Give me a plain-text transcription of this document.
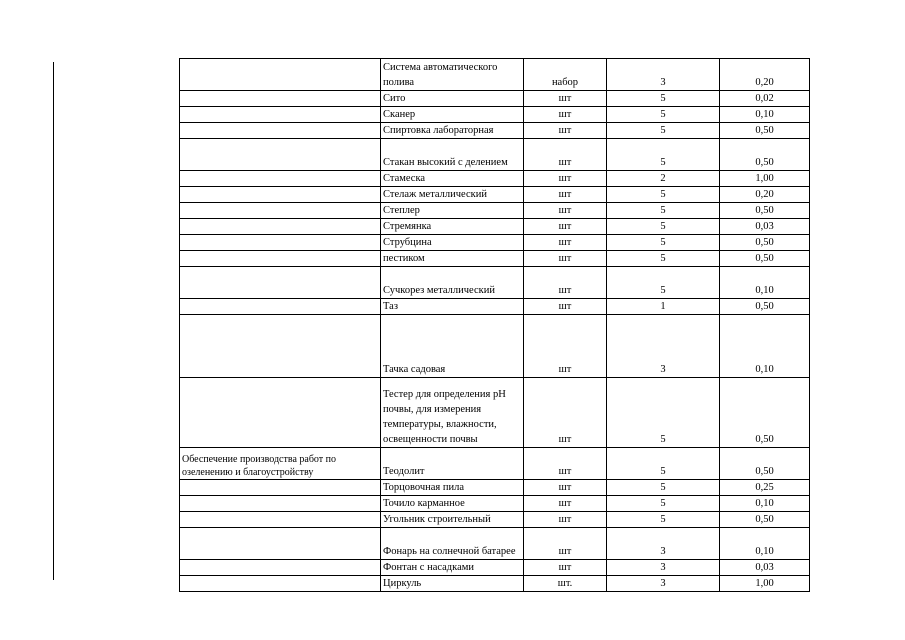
	Система автоматического полива	набор	3	0,20
	Сито	шт	5	0,02
	Сканер	шт	5	0,10
	Спиртовка лабораторная	шт	5	0,50
	Стакан высокий с делением	шт	5	0,50
	Стамеска	шт	2	1,00
	Стелаж металлический	шт	5	0,20
	Степлер	шт	5	0,50
	Стремянка	шт	5	0,03
	Струбцина	шт	5	0,50
	пестиком	шт	5	0,50
	Сучкорез металлический	шт	5	0,10
	Таз	шт	1	0,50
	Тачка садовая	шт	3	0,10
	Тестер для определения рН почвы, для измерения температуры, влажности, освещенности почвы	шт	5	0,50
Обеспечение производства работ по озеленению и благоустройству	Теодолит	шт	5	0,50
	Торцовочная пила	шт	5	0,25
	Точило карманное	шт	5	0,10
	Угольник строительный	шт	5	0,50
	Фонарь на солнечной батарее	шт	3	0,10
	Фонтан с насадками	шт	3	0,03
	Циркуль	шт.	3	1,00
